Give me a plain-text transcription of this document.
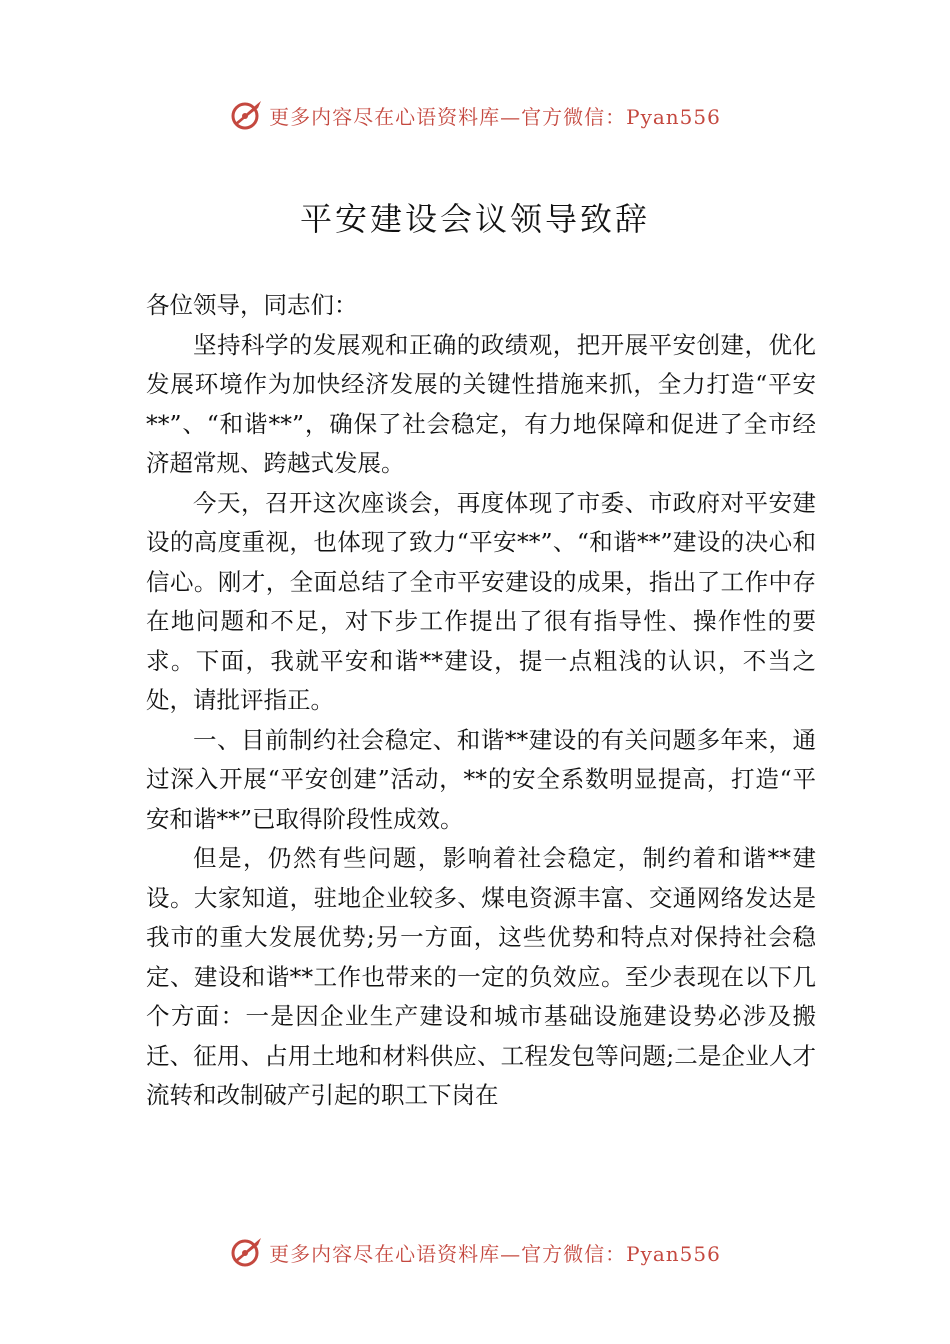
更多内容尽在心语资料库—官方微信：Pyan556
平安建设会议领导致辞

各位领导，同志们：

坚持科学的发展观和正确的政绩观，把开展平安创建，优化发展环境作为加快经济发展的关键性措施来抓，全力打造“平安**”、“和谐**”，确保了社会稳定，有力地保障和促进了全市经济超常规、跨越式发展。

今天，召开这次座谈会，再度体现了市委、市政府对平安建设的高度重视，也体现了致力“平安**”、“和谐**”建设的决心和信心。刚才，全面总结了全市平安建设的成果，指出了工作中存在地问题和不足，对下步工作提出了很有指导性、操作性的要求。下面，我就平安和谐**建设，提一点粗浅的认识，不当之处，请批评指正。

一、目前制约社会稳定、和谐**建设的有关问题多年来，通过深入开展“平安创建”活动，**的安全系数明显提高，打造“平安和谐**”已取得阶段性成效。

但是，仍然有些问题，影响着社会稳定，制约着和谐**建设。大家知道，驻地企业较多、煤电资源丰富、交通网络发达是我市的重大发展优势;另一方面，这些优势和特点对保持社会稳定、建设和谐**工作也带来的一定的负效应。至少表现在以下几个方面：一是因企业生产建设和城市基础设施建设势必涉及搬迁、征用、占用土地和材料供应、工程发包等问题;二是企业人才流转和改制破产引起的职工下岗在

更多内容尽在心语资料库—官方微信：Pyan556
